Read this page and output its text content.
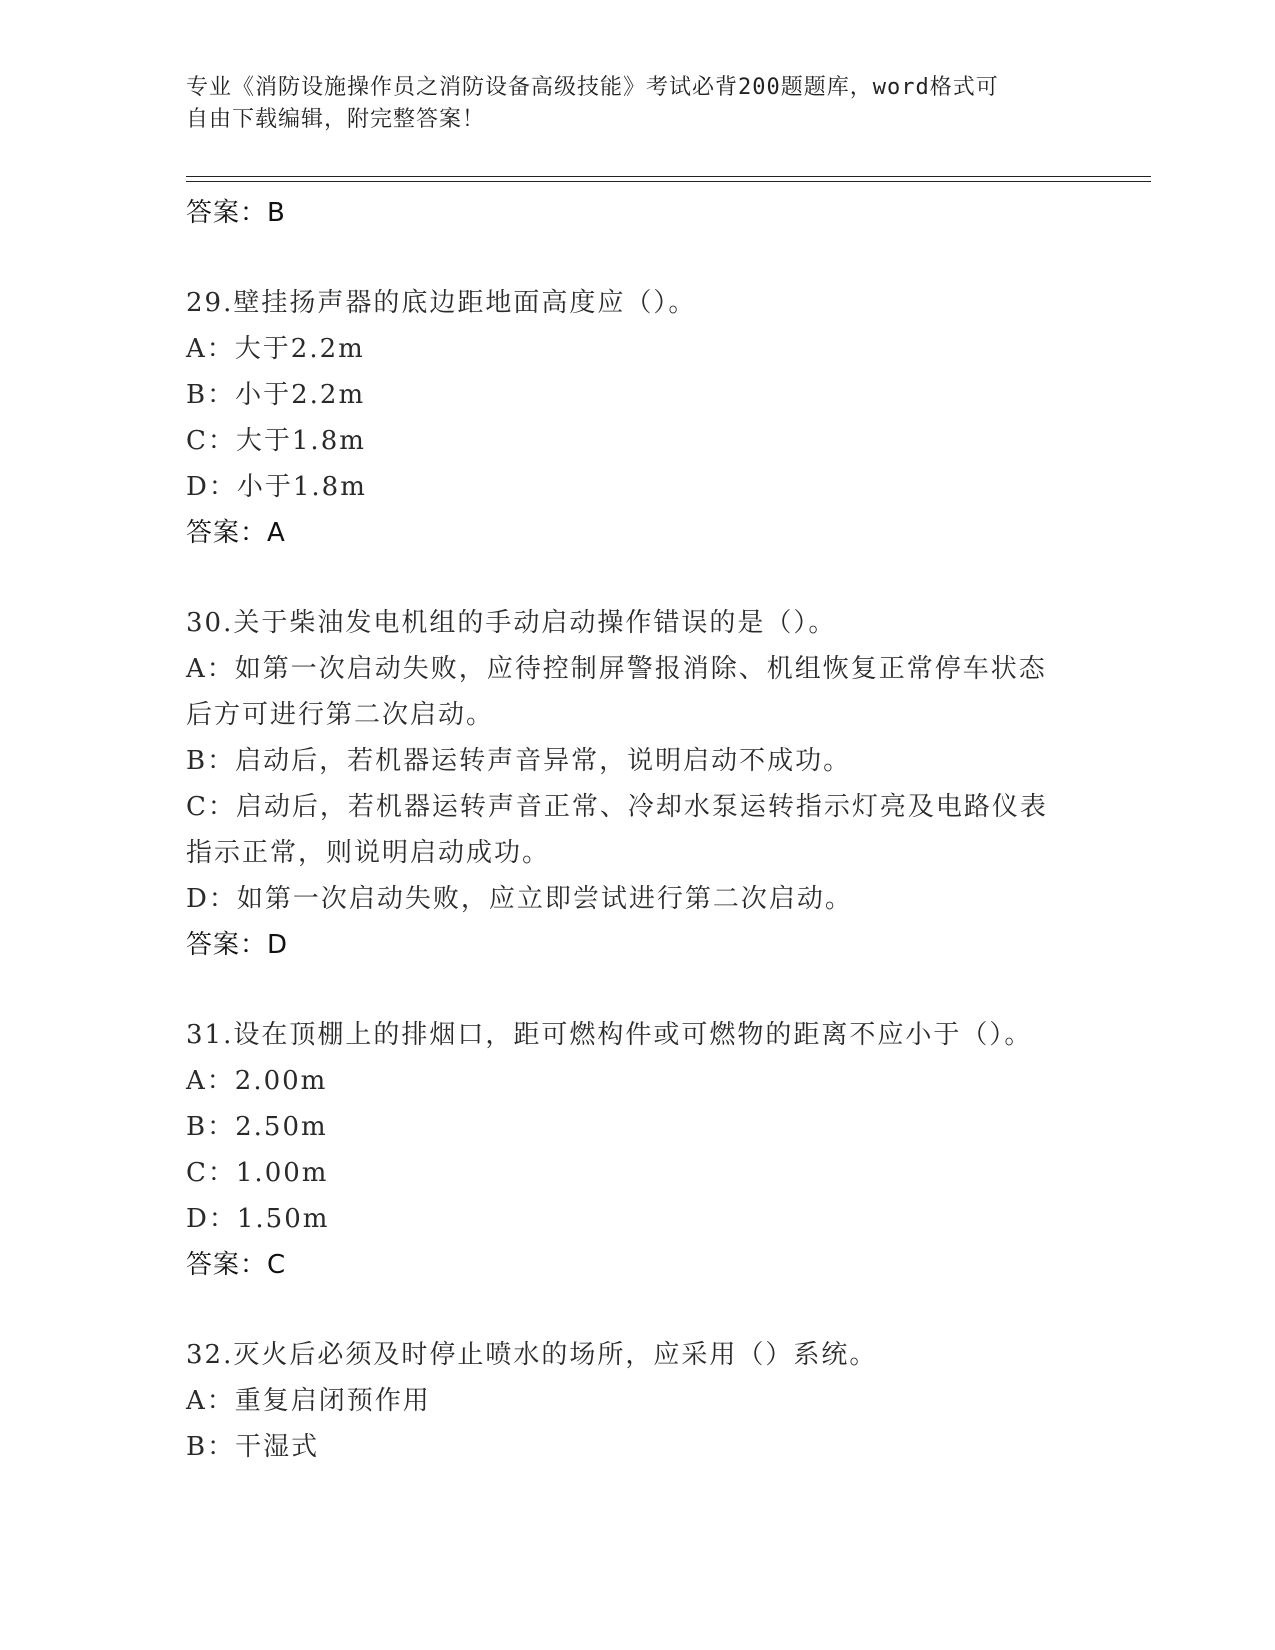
专业《消防设施操作员之消防设备高级技能》考试必背200题题库，word格式可
自由下载编辑，附完整答案！
答案：B
29.壁挂扬声器的底边距地面高度应（）。
A：大于2.2m
B：小于2.2m
C：大于1.8m
D：小于1.8m
答案：A
30.关于柴油发电机组的手动启动操作错误的是（）。
A：如第一次启动失败，应待控制屏警报消除、机组恢复正常停车状态
后方可进行第二次启动。
B：启动后，若机器运转声音异常，说明启动不成功。
C：启动后，若机器运转声音正常、冷却水泵运转指示灯亮及电路仪表
指示正常，则说明启动成功。
D：如第一次启动失败，应立即尝试进行第二次启动。
答案：D
31.设在顶棚上的排烟口，距可燃构件或可燃物的距离不应小于（）。
A：2.00m
B：2.50m
C：1.00m
D：1.50m
答案：C
32.灭火后必须及时停止喷水的场所，应采用（）系统。
A：重复启闭预作用
B：干湿式
